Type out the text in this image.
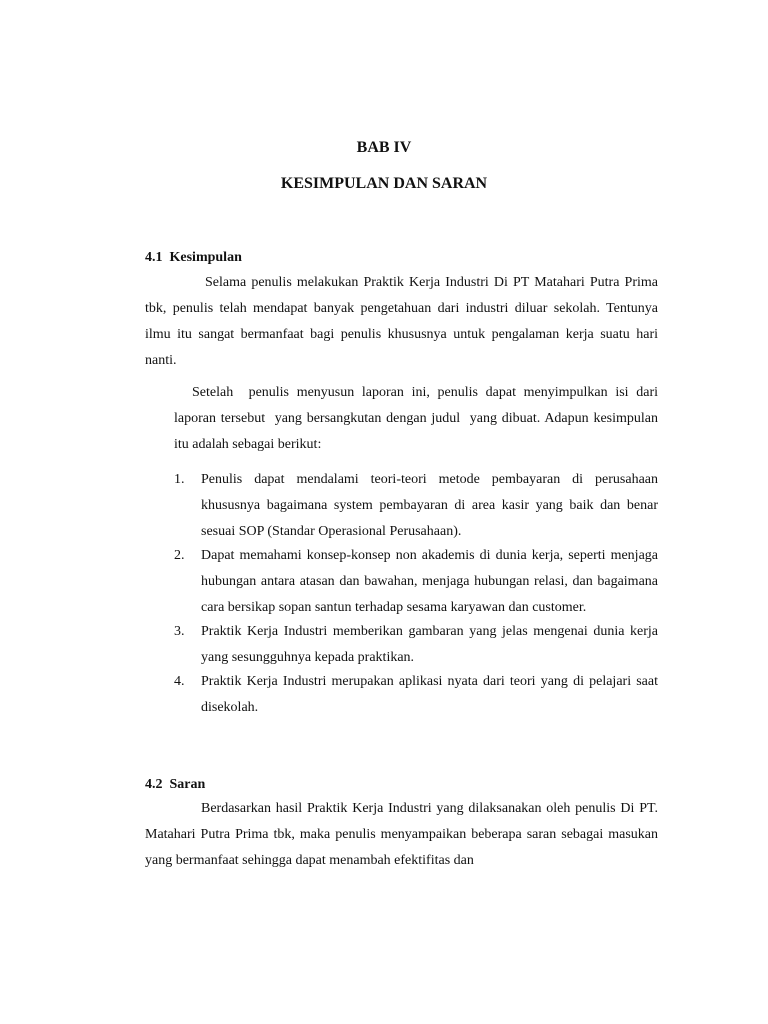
BAB IV
KESIMPULAN DAN SARAN
4.1  Kesimpulan

Selama penulis melakukan Praktik Kerja Industri Di PT Matahari Putra Prima tbk, penulis telah mendapat banyak pengetahuan dari industri diluar sekolah. Tentunya ilmu itu sangat bermanfaat bagi penulis khususnya untuk pengalaman kerja suatu hari nanti.

Setelah  penulis menyusun laporan ini, penulis dapat menyimpulkan isi dari laporan tersebut  yang bersangkutan dengan judul  yang dibuat. Adapun kesimpulan itu adalah sebagai berikut:

1. Penulis dapat mendalami teori-teori metode pembayaran di perusahaan khususnya bagaimana system pembayaran di area kasir yang baik dan benar sesuai SOP (Standar Operasional Perusahaan).
2. Dapat memahami konsep-konsep non akademis di dunia kerja, seperti menjaga hubungan antara atasan dan bawahan, menjaga hubungan relasi, dan bagaimana cara bersikap sopan santun terhadap sesama karyawan dan customer.
3. Praktik Kerja Industri memberikan gambaran yang jelas mengenai dunia kerja yang sesungguhnya kepada praktikan.
4. Praktik Kerja Industri merupakan aplikasi nyata dari teori yang di pelajari saat disekolah.
4.2  Saran

Berdasarkan hasil Praktik Kerja Industri yang dilaksanakan oleh penulis Di PT. Matahari Putra Prima tbk, maka penulis menyampaikan beberapa saran sebagai masukan yang bermanfaat sehingga dapat menambah efektifitas dan
